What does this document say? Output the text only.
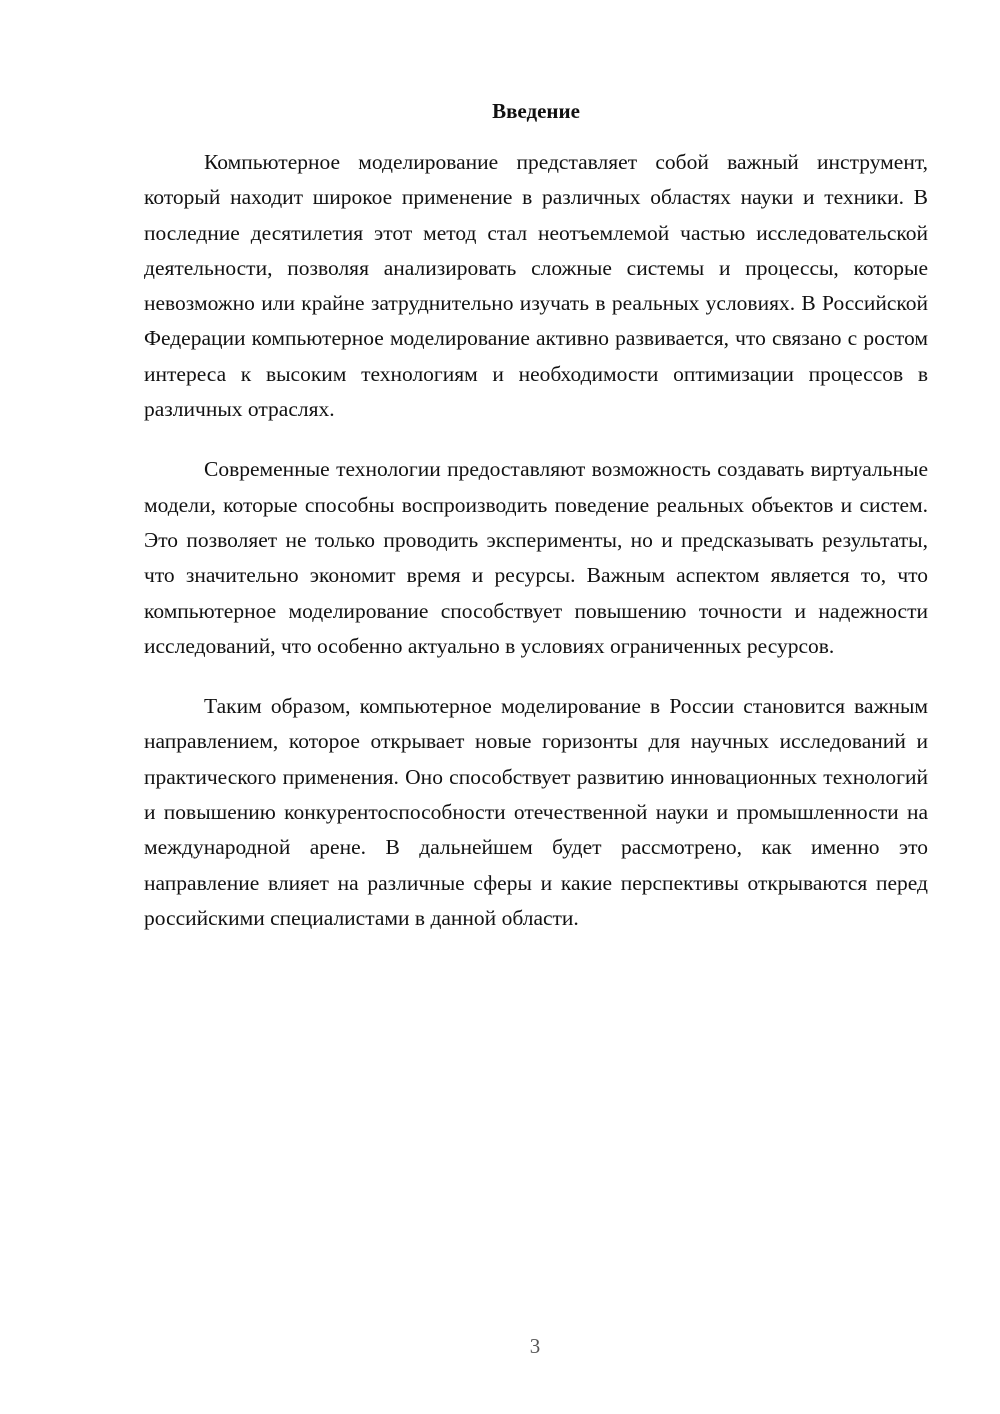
Введение

Компьютерное моделирование представляет собой важный инструмент, который находит широкое применение в различных областях науки и техники. В последние десятилетия этот метод стал неотъемлемой частью исследовательской деятельности, позволяя анализировать сложные системы и процессы, которые невозможно или крайне затруднительно изучать в реальных условиях. В Российской Федерации компьютерное моделирование активно развивается, что связано с ростом интереса к высоким технологиям и необходимости оптимизации процессов в различных отраслях.

Современные технологии предоставляют возможность создавать виртуальные модели, которые способны воспроизводить поведение реальных объектов и систем. Это позволяет не только проводить эксперименты, но и предсказывать результаты, что значительно экономит время и ресурсы. Важным аспектом является то, что компьютерное моделирование способствует повышению точности и надежности исследований, что особенно актуально в условиях ограниченных ресурсов.

Таким образом, компьютерное моделирование в России становится важным направлением, которое открывает новые горизонты для научных исследований и практического применения. Оно способствует развитию инновационных технологий и повышению конкурентоспособности отечественной науки и промышленности на международной арене. В дальнейшем будет рассмотрено, как именно это направление влияет на различные сферы и какие перспективы открываются перед российскими специалистами в данной области.

3
